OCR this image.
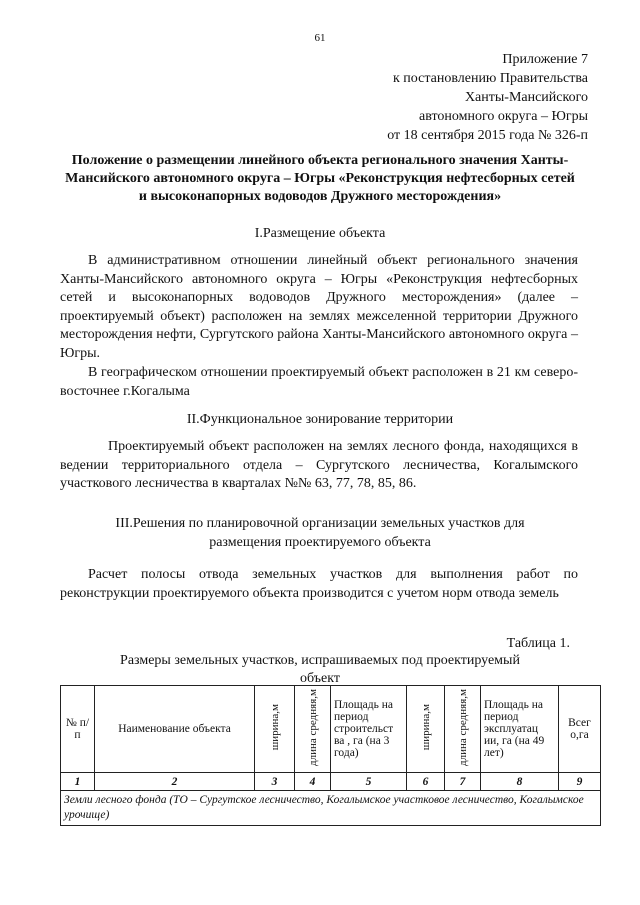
61
Приложение 7
к постановлению Правительства
Ханты-Мансийского
автономного округа – Югры
от 18 сентября 2015 года № 326-п
Положение о размещении линейного объекта регионального значения Ханты-Мансийского автономного округа – Югры «Реконструкция нефтесборных сетей и высоконапорных водоводов Дружного месторождения»
I.Размещение объекта
В административном отношении линейный объект регионального значения Ханты-Мансийского автономного округа – Югры «Реконструкция нефтесборных сетей и высоконапорных водоводов Дружного месторождения» (далее – проектируемый объект) расположен на землях межселенной территории Дружного месторождения нефти, Сургутского района Ханты-Мансийского автономного округа – Югры.
В географическом отношении проектируемый объект расположен в 21 км северо-восточнее г.Когалыма
II.Функциональное зонирование территории
Проектируемый объект расположен на землях лесного фонда, находящихся в ведении территориального отдела – Сургутского лесничества, Когалымского участкового лесничества в кварталах №№ 63, 77, 78, 85, 86.
III.Решения по планировочной организации земельных участков для
размещения проектируемого объекта
Расчет полосы отвода земельных участков для выполнения работ по реконструкции проектируемого объекта производится с учетом норм отвода земель
Таблица 1.
Размеры земельных участков, испрашиваемых под проектируемый объект
№ п/п	Наименование объекта	ширина,м	длина средняя,м	Площадь на период строительст ва , га (на 3 года)	ширина,м	длина средняя,м	Площадь на период эксплуатац ии, га (на 49 лет)	Всег о,га
1	2	3	4	5	6	7	8	9
Земли лесного фонда (ТО – Сургутское лесничество, Когалымское участковое лесничество, Когалымское урочище)								
